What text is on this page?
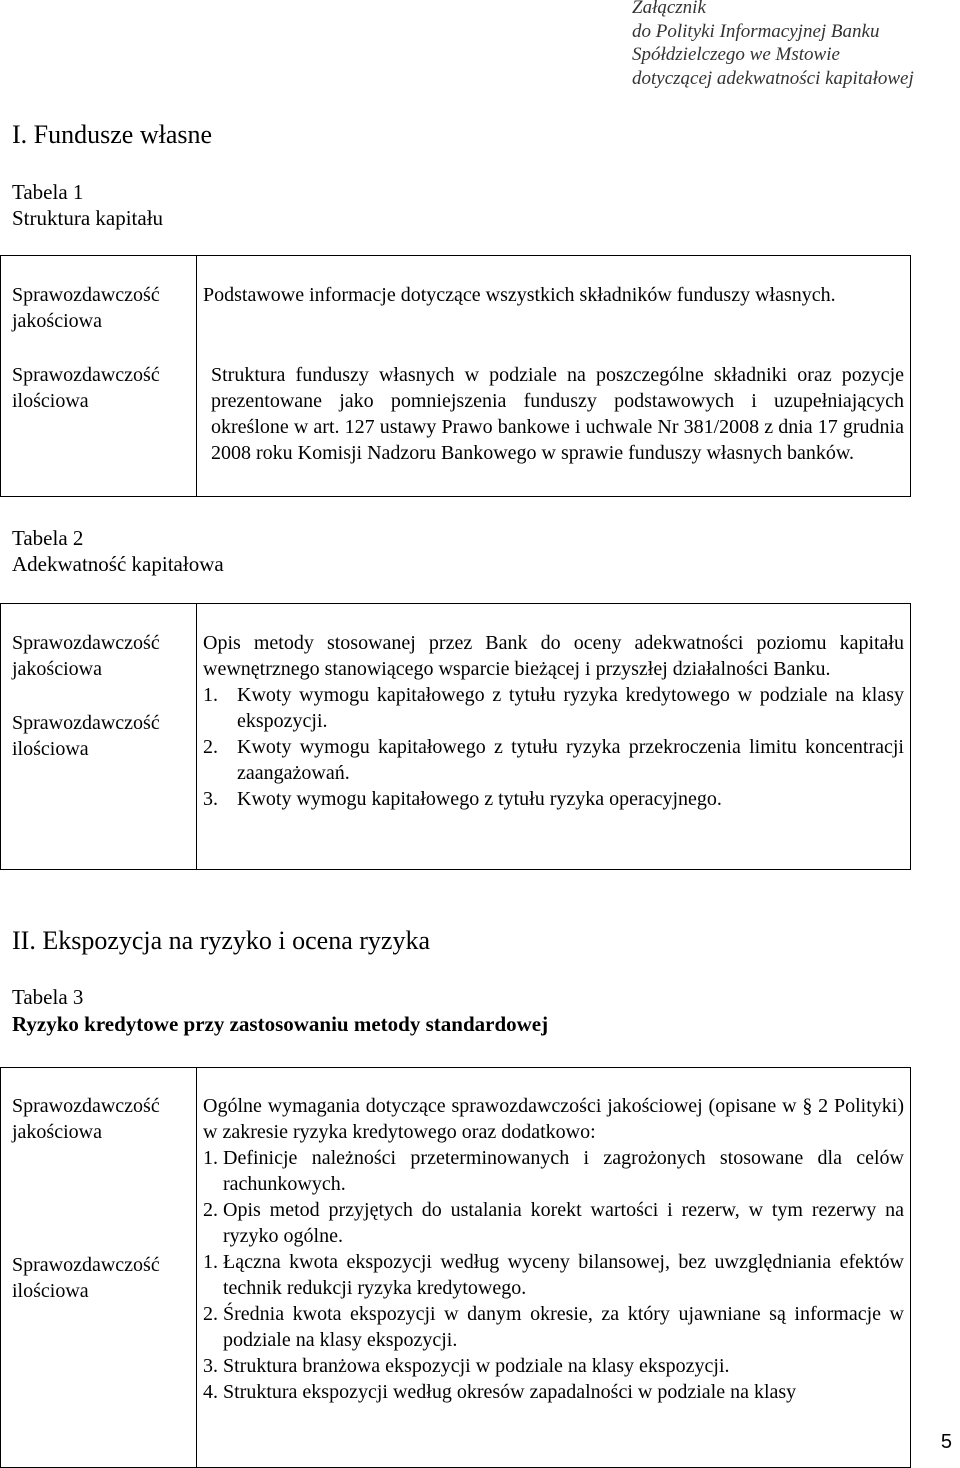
Załącznik
do Polityki Informacyjnej Banku
Spółdzielczego we Mstowie
dotyczącej adekwatności kapitałowej
I. Fundusze własne
Tabela 1
Struktura kapitału
Sprawozdawczość jakościowa
Sprawozdawczość ilościowa

Podstawowe informacje dotyczące wszystkich składników funduszy własnych.

Struktura funduszy własnych w podziale na poszczególne składniki oraz pozycje prezentowane jako pomniejszenia funduszy podstawowych i uzupełniających określone w art. 127 ustawy Prawo bankowe i uchwale Nr 381/2008 z dnia 17 grudnia 2008 roku Komisji Nadzoru Bankowego w sprawie funduszy własnych banków.

Tabela 2
Adekwatność kapitałowa
Sprawozdawczość jakościowa
Sprawozdawczość ilościowa

Opis metody stosowanej przez Bank do oceny adekwatności poziomu kapitału wewnętrznego stanowiącego wsparcie bieżącej i przyszłej działalności Banku.

1. Kwoty wymogu kapitałowego z tytułu ryzyka kredytowego w podziale na klasy ekspozycji.
2. Kwoty wymogu kapitałowego z tytułu ryzyka przekroczenia limitu koncentracji zaangażowań.
3. Kwoty wymogu kapitałowego z tytułu ryzyka operacyjnego.
II. Ekspozycja na ryzyko i ocena ryzyka
Tabela 3
Ryzyko kredytowe przy zastosowaniu metody standardowej
Sprawozdawczość jakościowa
Sprawozdawczość ilościowa

Ogólne wymagania dotyczące sprawozdawczości jakościowej (opisane w § 2 Polityki) w zakresie ryzyka kredytowego oraz dodatkowo:

1. Definicje należności przeterminowanych i zagrożonych stosowane dla celów rachunkowych.
2. Opis metod przyjętych do ustalania korekt wartości i rezerw, w tym rezerwy na ryzyko ogólne.
1. Łączna kwota ekspozycji według wyceny bilansowej, bez uwzględniania efektów technik redukcji ryzyka kredytowego.
2. Średnia kwota ekspozycji w danym okresie, za który ujawniane są informacje w podziale na klasy ekspozycji.
3. Struktura branżowa ekspozycji w podziale na klasy ekspozycji.
4. Struktura ekspozycji według okresów zapadalności w podziale na klasy
5
